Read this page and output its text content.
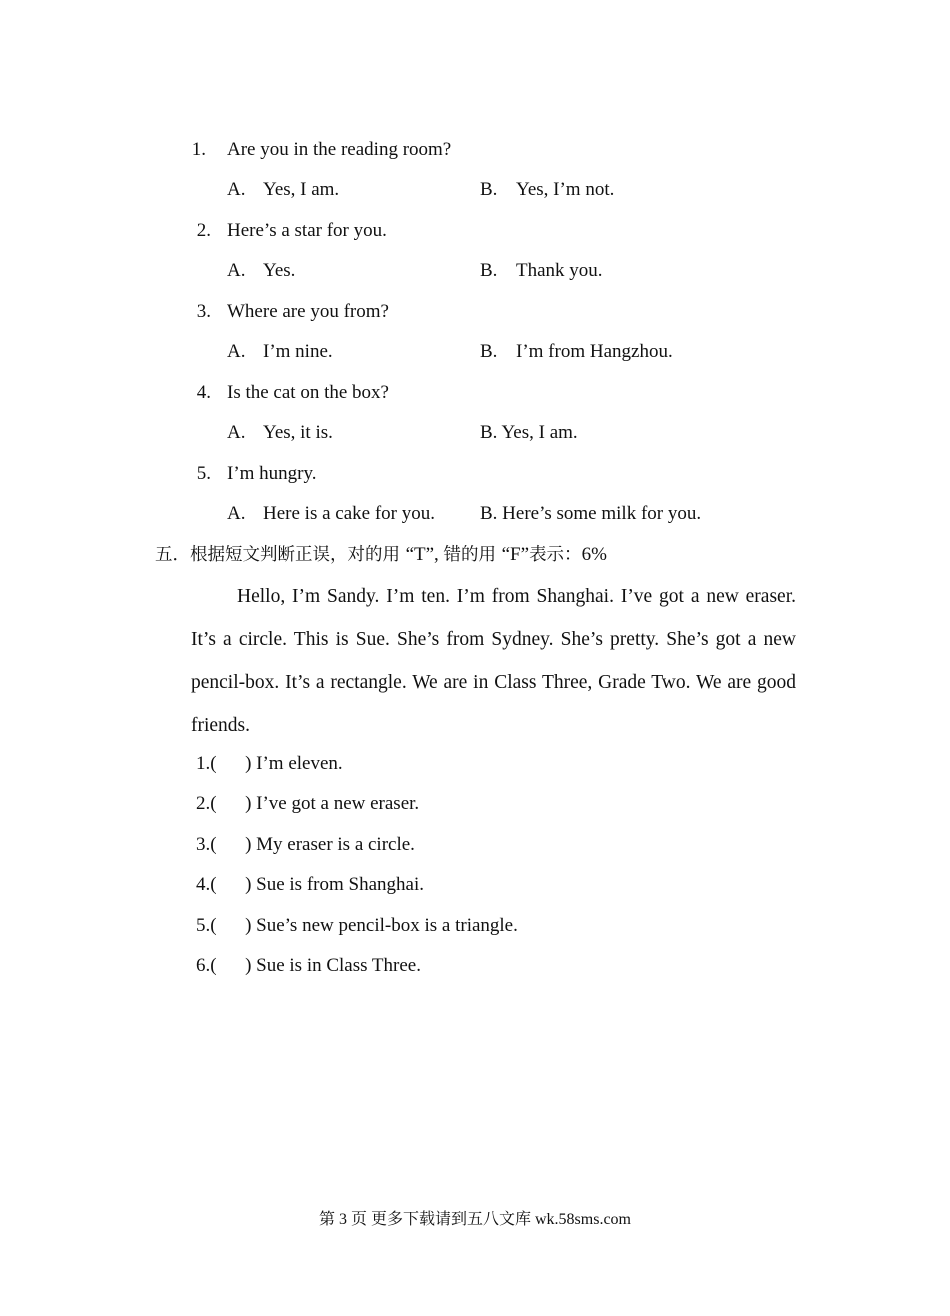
1. Are you in the reading room?
A. Yes, I am.	B. Yes, I’m not.
2. Here’s a star for you.
A. Yes.	B. Thank you.
3. Where are you from?
A. I’m nine.	B. I’m from Hangzhou.
4. Is the cat on the box?
A. Yes, it is.	B. Yes, I am.
5. I’m hungry.
A. Here is a cake for you. B. Here’s some milk for you.
五．根据短文判断正误，对的用 “T”, 错的用 “F”表示：6%
Hello, I’m Sandy. I’m ten. I’m from Shanghai. I’ve got a new eraser. It’s a circle. This is Sue. She’s from Sydney. She’s pretty. She’s got a new pencil-box. It’s a rectangle. We are in Class Three, Grade Two. We are good friends.
1.(      ) I’m eleven.
2.(      ) I’ve got a new eraser.
3.(      ) My eraser is a circle.
4.(      ) Sue is from Shanghai.
5.(      ) Sue’s new pencil-box is a triangle.
6.(      ) Sue is in Class Three.
第 3 页 更多下载请到五八文库 wk.58sms.com
